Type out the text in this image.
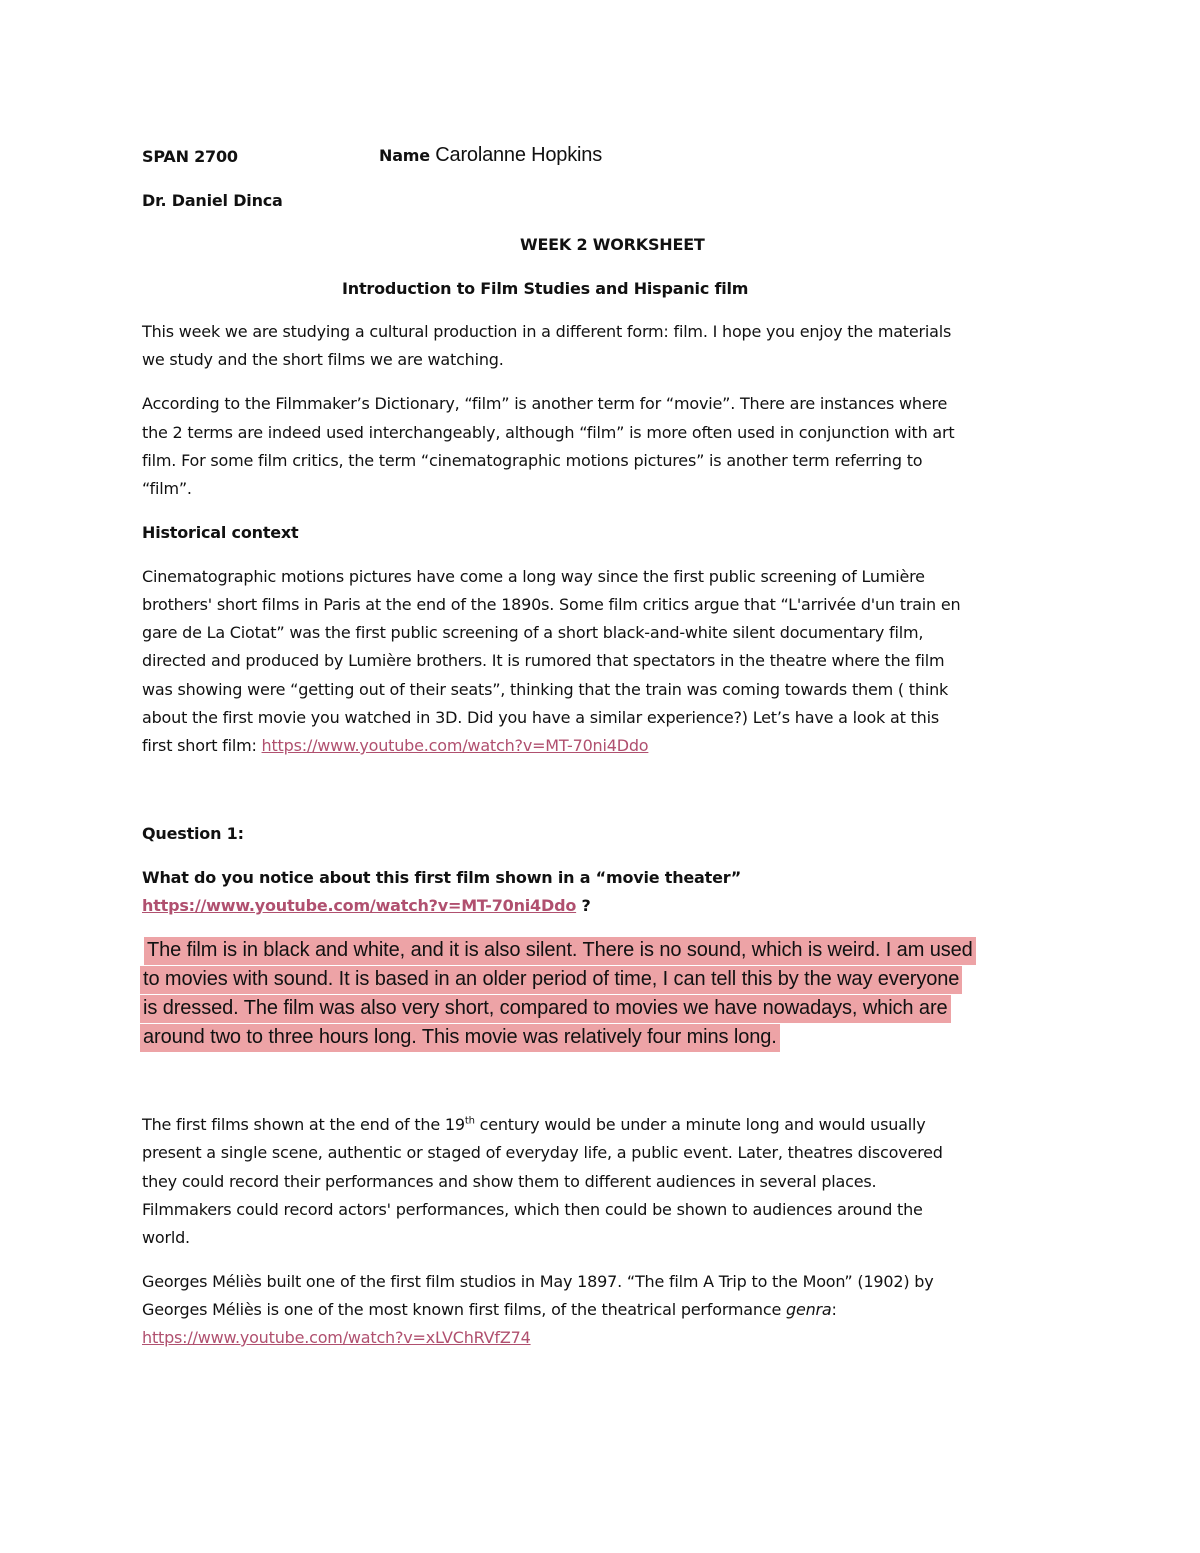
SPAN 2700	Name Carolanne Hopkins
Dr. Daniel Dinca
WEEK 2 WORKSHEET
Introduction to Film Studies and Hispanic film
This week we are studying a cultural production in a different form: film. I hope you enjoy the materials
we study and the short films we are watching.
According to the Filmmaker’s Dictionary, “film” is another term for “movie”. There are instances where
the 2 terms are indeed used interchangeably, although “film” is more often used in conjunction with art
film. For some film critics, the term “cinematographic motions pictures” is another term referring to
“film”.
Historical context
Cinematographic motions pictures have come a long way since the first public screening of Lumière
brothers' short films in Paris at the end of the 1890s. Some film critics argue that “L'arrivée d'un train en
gare de La Ciotat” was the first public screening of a short black-and-white silent documentary film,
directed and produced by Lumière brothers. It is rumored that spectators in the theatre where the film
was showing were “getting out of their seats”, thinking that the train was coming towards them ( think
about the first movie you watched in 3D. Did you have a similar experience?) Let’s have a look at this
first short film: https://www.youtube.com/watch?v=MT-70ni4Ddo
Question 1:
What do you notice about this first film shown in a “movie theater”
https://www.youtube.com/watch?v=MT-70ni4Ddo ?
The film is in black and white, and it is also silent. There is no sound, which is weird. I am used
to movies with sound. It is based in an older period of time, I can tell this by the way everyone
is dressed. The film was also very short, compared to movies we have nowadays, which are
around two to three hours long. This movie was relatively four mins long.
The first films shown at the end of the 19th century would be under a minute long and would usually
present a single scene, authentic or staged of everyday life, a public event. Later, theatres discovered
they could record their performances and show them to different audiences in several places.
Filmmakers could record actors' performances, which then could be shown to audiences around the
world.
Georges Méliès built one of the first film studios in May 1897. “The film A Trip to the Moon” (1902) by
Georges Méliès is one of the most known first films, of the theatrical performance genra:
https://www.youtube.com/watch?v=xLVChRVfZ74
